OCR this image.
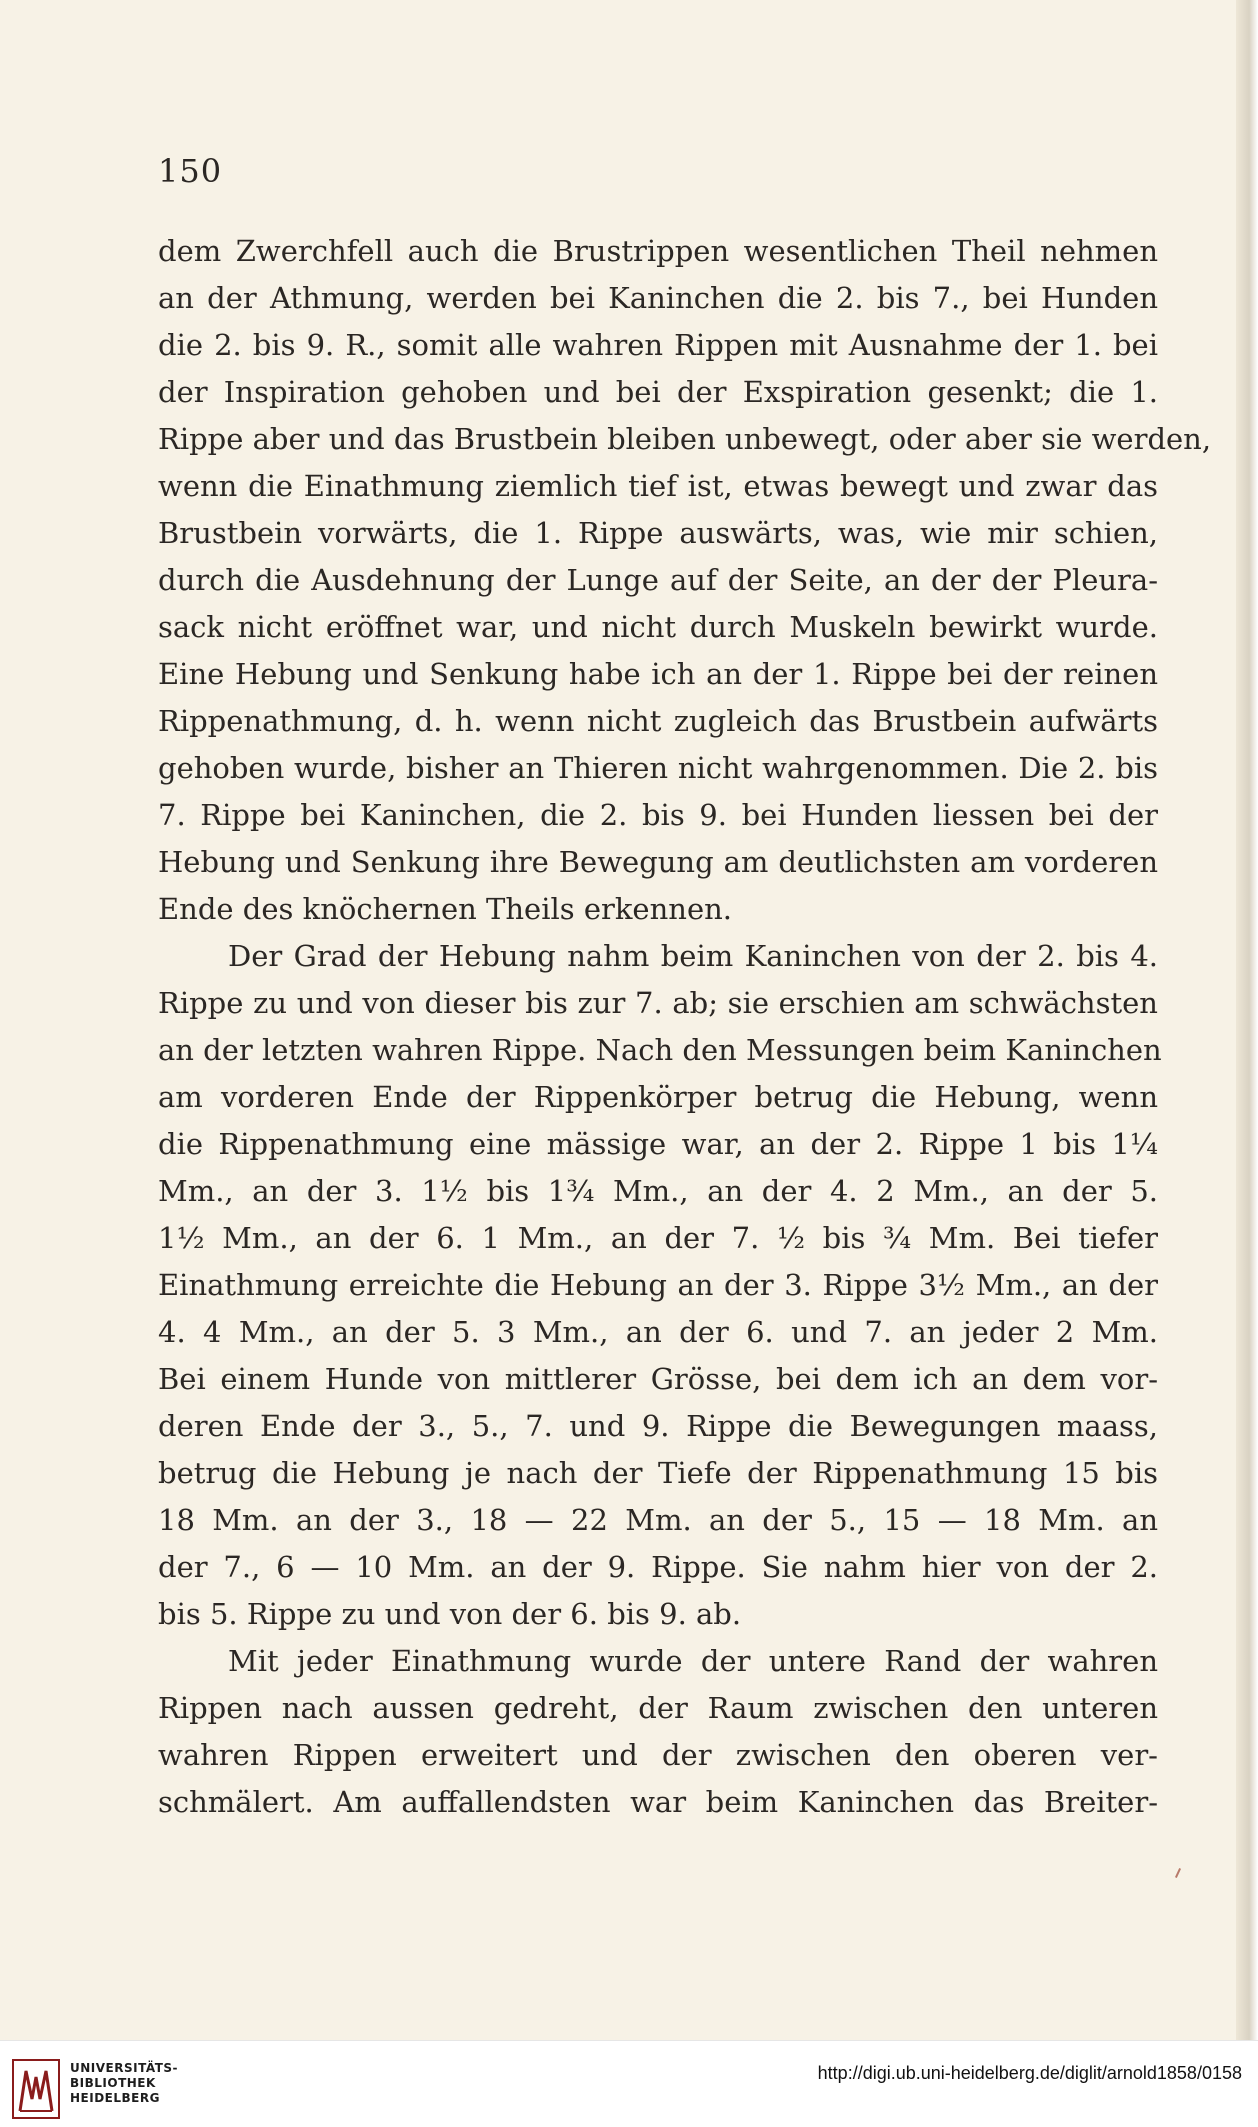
150
dem Zwerchfell auch die Brustrippen wesentlichen Theil nehmen
an der Athmung, werden bei Kaninchen die 2. bis 7., bei Hunden
die 2. bis 9. R., somit alle wahren Rippen mit Ausnahme der 1. bei
der Inspiration gehoben und bei der Exspiration gesenkt; die 1.
Rippe aber und das Brustbein bleiben unbewegt, oder aber sie werden,
wenn die Einathmung ziemlich tief ist, etwas bewegt und zwar das
Brustbein vorwärts, die 1. Rippe auswärts, was, wie mir schien,
durch die Ausdehnung der Lunge auf der Seite, an der der Pleura-
sack nicht eröffnet war, und nicht durch Muskeln bewirkt wurde.
Eine Hebung und Senkung habe ich an der 1. Rippe bei der reinen
Rippenathmung, d. h. wenn nicht zugleich das Brustbein aufwärts
gehoben wurde, bisher an Thieren nicht wahrgenommen. Die 2. bis
7. Rippe bei Kaninchen, die 2. bis 9. bei Hunden liessen bei der
Hebung und Senkung ihre Bewegung am deutlichsten am vorderen
Ende des knöchernen Theils erkennen.
Der Grad der Hebung nahm beim Kaninchen von der 2. bis 4.
Rippe zu und von dieser bis zur 7. ab; sie erschien am schwächsten
an der letzten wahren Rippe. Nach den Messungen beim Kaninchen
am vorderen Ende der Rippenkörper betrug die Hebung, wenn
die Rippenathmung eine mässige war, an der 2. Rippe 1 bis 1¼
Mm., an der 3. 1½ bis 1¾ Mm., an der 4. 2 Mm., an der 5.
1½ Mm., an der 6. 1 Mm., an der 7. ½ bis ¾ Mm. Bei tiefer
Einathmung erreichte die Hebung an der 3. Rippe 3½ Mm., an der
4. 4 Mm., an der 5. 3 Mm., an der 6. und 7. an jeder 2 Mm.
Bei einem Hunde von mittlerer Grösse, bei dem ich an dem vor-
deren Ende der 3., 5., 7. und 9. Rippe die Bewegungen maass,
betrug die Hebung je nach der Tiefe der Rippenathmung 15 bis
18 Mm. an der 3., 18 — 22 Mm. an der 5., 15 — 18 Mm. an
der 7., 6 — 10 Mm. an der 9. Rippe. Sie nahm hier von der 2.
bis 5. Rippe zu und von der 6. bis 9. ab.
Mit jeder Einathmung wurde der untere Rand der wahren
Rippen nach aussen gedreht, der Raum zwischen den unteren
wahren Rippen erweitert und der zwischen den oberen ver-
schmälert. Am auffallendsten war beim Kaninchen das Breiter-
UNIVERSITÄTS-
BIBLIOTHEK
HEIDELBERG
http://digi.ub.uni-heidelberg.de/diglit/arnold1858/0158
